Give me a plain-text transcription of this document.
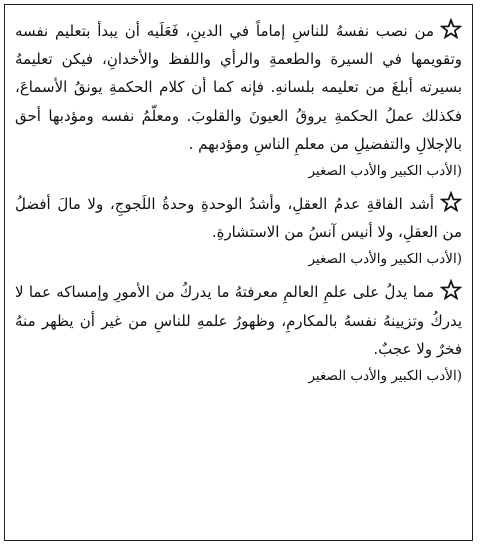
من نصب نفسهُ للناسِ إماماً في الدينِ، فَعَلَيه أن يبدأ بتعليم نفسه وتقويمها في السيرة والطعمةِ والرأي واللفظ والأخدانِ، فيكن تعليمهُ بسيرته أبلغَ من تعليمه بلسانهِ. فإنه كما أن كلام الحكمةِ يونقُ الأسماعَ، فكذلك عملُ الحكمةِ يروقُ العيونَ والقلوبَ. ومعلّمُ نفسه ومؤدبها أحق بالإجلالِ والتفضيلِ من معلمِ الناسِ ومؤدبهم .

(الأدب الكبير والأدب الصغير

أشد الفاقةِ عدمُ العقلِ، وأشدُ الوحدةِ وحدةُ اللَجوجِ، ولا مالَ أفضلُ من العقلِ، ولا أنيس آنسُ من الاستشارةِ.

(الأدب الكبير والأدب الصغير

مما يدلُ على علمِ العالمِ معرفتهُ ما يدركُ من الأمورِ وإمساكه عما لا يدركُ وتزيينهُ نفسهُ بالمكارمِ، وظهورُ علمهِ للناسِ من غير أن يظهر منهُ فخرٌ ولا عجبٌ.

(الأدب الكبير والأدب الصغير
